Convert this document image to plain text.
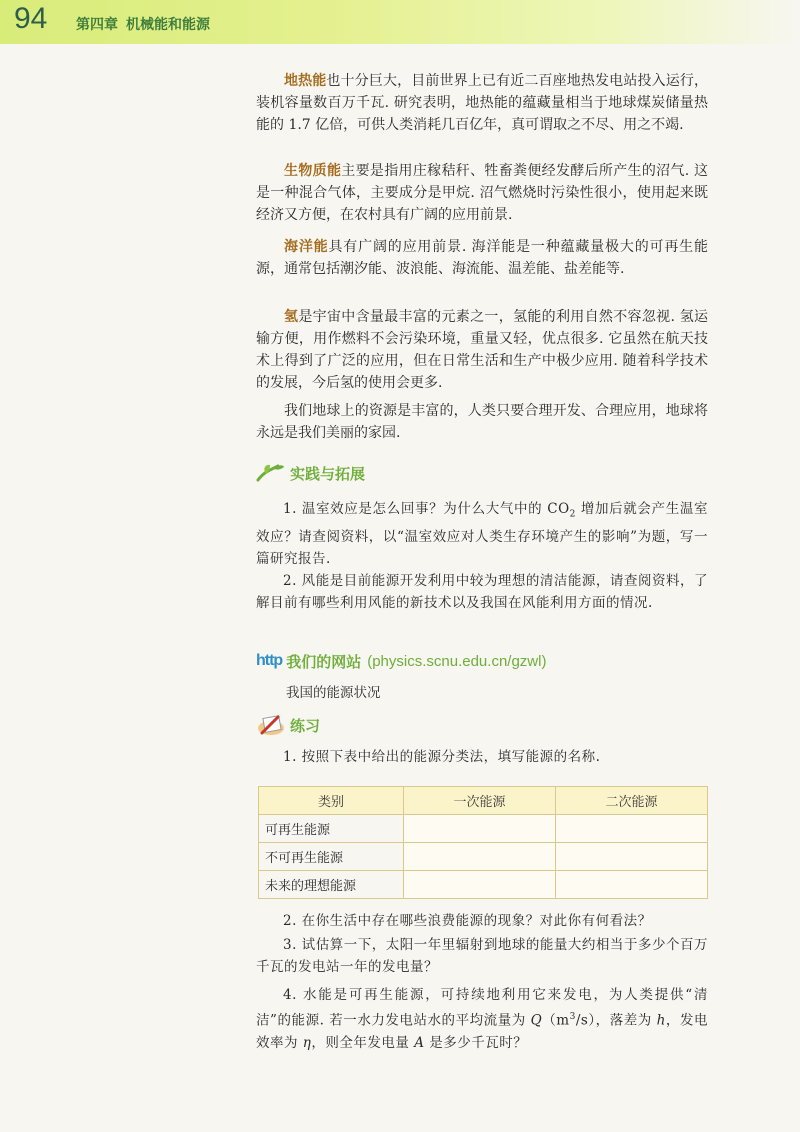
94 第四章 机械能和能源

地热能也十分巨大，目前世界上已有近二百座地热发电站投入运行，装机容量数百万千瓦. 研究表明，地热能的蕴藏量相当于地球煤炭储量热能的 1.7 亿倍，可供人类消耗几百亿年，真可谓取之不尽、用之不竭.

生物质能主要是指用庄稼秸秆、牲畜粪便经发酵后所产生的沼气. 这是一种混合气体，主要成分是甲烷. 沼气燃烧时污染性很小，使用起来既经济又方便，在农村具有广阔的应用前景.

海洋能具有广阔的应用前景. 海洋能是一种蕴藏量极大的可再生能源，通常包括潮汐能、波浪能、海流能、温差能、盐差能等.

氢是宇宙中含量最丰富的元素之一，氢能的利用自然不容忽视. 氢运输方便，用作燃料不会污染环境，重量又轻，优点很多. 它虽然在航天技术上得到了广泛的应用，但在日常生活和生产中极少应用. 随着科学技术的发展，今后氢的使用会更多.

我们地球上的资源是丰富的，人类只要合理开发、合理应用，地球将永远是我们美丽的家园.

实践与拓展

1. 温室效应是怎么回事？为什么大气中的 $CO_2$ 增加后就会产生温室效应？请查阅资料，以“温室效应对人类生存环境产生的影响”为题，写一篇研究报告.

2. 风能是目前能源开发利用中较为理想的清洁能源，请查阅资料，了解目前有哪些利用风能的新技术以及我国在风能利用方面的情况.

http 我们的网站 (physics.scnu.edu.cn/gzwl)

我国的能源状况

练习

1. 按照下表中给出的能源分类法，填写能源的名称.

类别	一次能源	二次能源
可再生能源		
不可再生能源		
未来的理想能源		

2. 在你生活中存在哪些浪费能源的现象？对此你有何看法？

3. 试估算一下，太阳一年里辐射到地球的能量大约相当于多少个百万千瓦的发电站一年的发电量？

4. 水能是可再生能源，可持续地利用它来发电，为人类提供“清洁”的能源. 若一水力发电站水的平均流量为 $Q(m^3/s)$，落差为 h，发电效率为 η，则全年发电量 A 是多少千瓦时？
